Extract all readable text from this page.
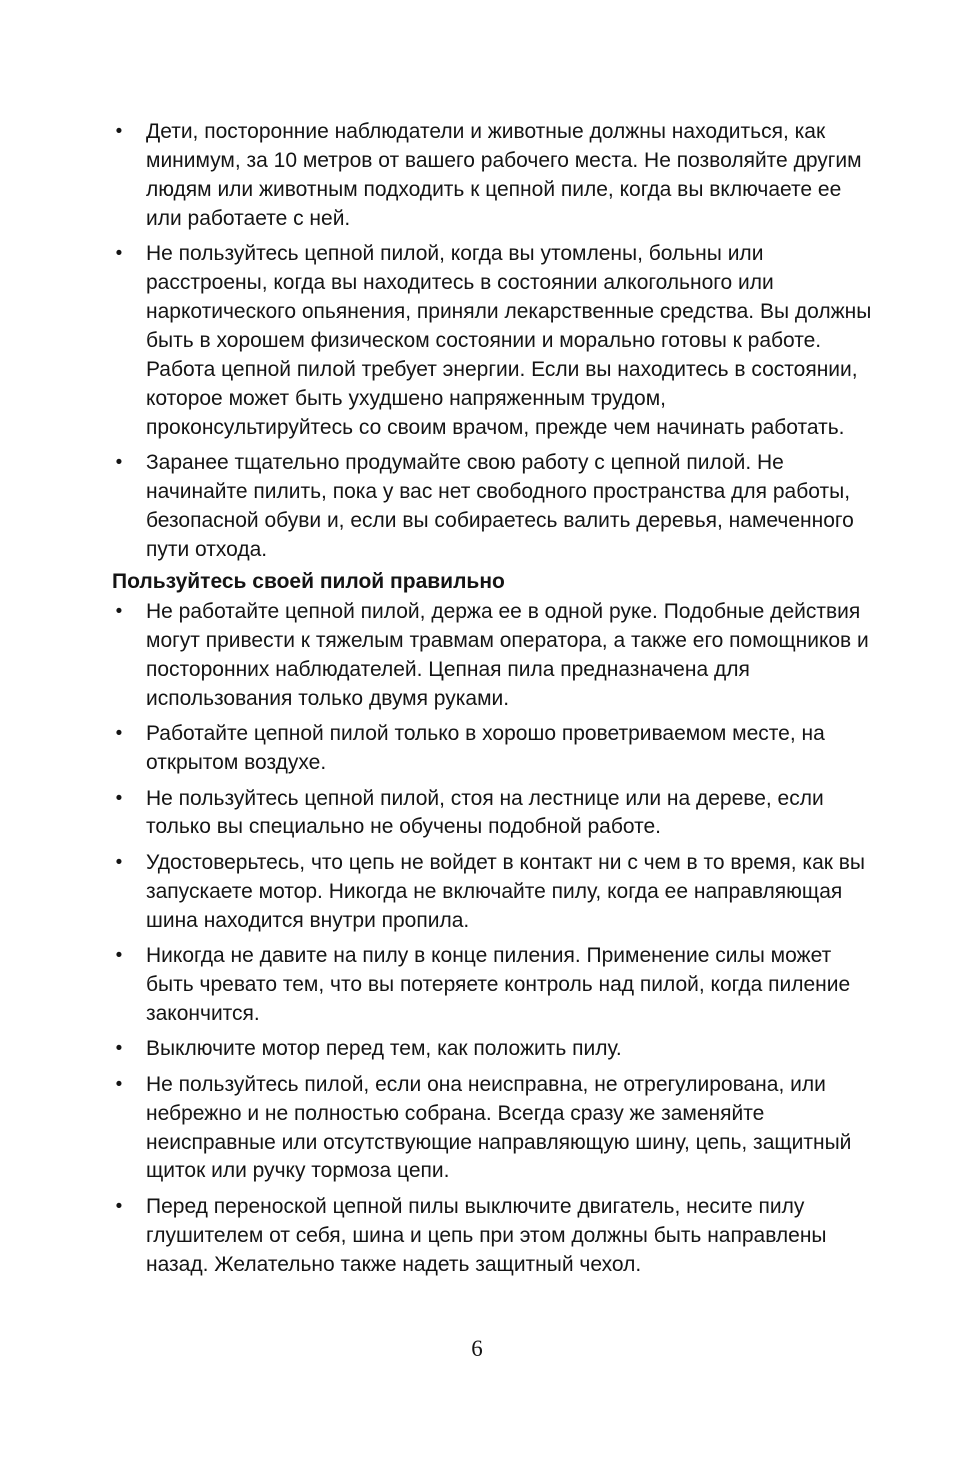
• Дети, посторонние наблюдатели и животные должны находиться, как минимум, за 10 метров от вашего рабочего места. Не позволяйте другим людям или животным подходить к цепной пиле, когда вы включаете ее или работаете с ней.
• Не пользуйтесь цепной пилой, когда вы утомлены, больны или расстроены, когда вы находитесь в состоянии алкогольного или наркотического опьянения, приняли лекарственные средства. Вы должны быть в хорошем физическом состоянии и морально готовы к работе. Работа цепной пилой требует энергии. Если вы находитесь в состоянии, которое может быть ухудшено напряженным трудом, проконсультируйтесь со своим врачом, прежде чем начинать работать.
• Заранее тщательно продумайте свою работу с цепной пилой. Не начинайте пилить, пока у вас нет свободного пространства для работы, безопасной обуви и, если вы собираетесь валить деревья, намеченного пути отхода.
Пользуйтесь своей пилой правильно
• Не работайте цепной пилой, держа ее в одной руке. Подобные действия могут привести к тяжелым травмам оператора, а также его помощников и посторонних наблюдателей. Цепная пила предназначена для использования только двумя руками.
• Работайте цепной пилой только в хорошо проветриваемом месте, на открытом воздухе.
• Не пользуйтесь цепной пилой, стоя на лестнице или на дереве, если только вы специально не обучены подобной работе.
• Удостоверьтесь, что цепь не войдет в контакт ни с чем в то время, как вы запускаете мотор. Никогда не включайте пилу, когда ее направляющая шина находится внутри пропила.
• Никогда не давите на пилу в конце пиления. Применение силы может быть чревато тем, что вы потеряете контроль над пилой, когда пиление закончится.
• Выключите мотор перед тем, как положить пилу.
• Не пользуйтесь пилой, если она неисправна, не отрегулирована, или небрежно и не полностью собрана. Всегда сразу же заменяйте неисправные или отсутствующие направляющую шину, цепь, защитный щиток или ручку тормоза цепи.
• Перед переноской цепной пилы выключите двигатель, несите пилу глушителем от себя, шина и цепь при этом должны быть направлены назад. Желательно также надеть защитный чехол.
6
